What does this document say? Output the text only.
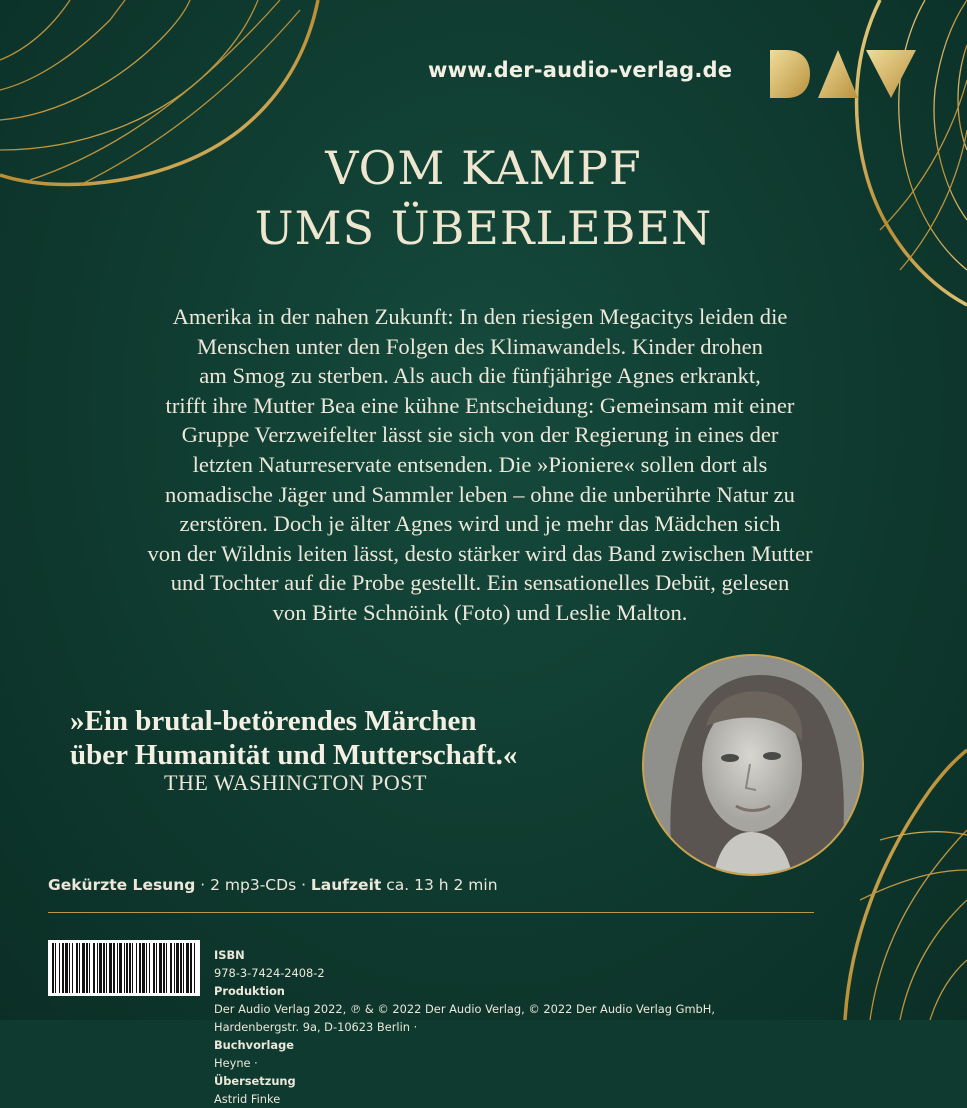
www.der-audio-verlag.de
VOM KAMPF
UMS ÜBERLEBEN
Amerika in der nahen Zukunft: In den riesigen Megacitys leiden die
Menschen unter den Folgen des Klimawandels. Kinder drohen
am Smog zu sterben. Als auch die fünfjährige Agnes erkrankt,
trifft ihre Mutter Bea eine kühne Entscheidung: Gemeinsam mit einer
Gruppe Verzweifelter lässt sie sich von der Regierung in eines der
letzten Naturreservate entsenden. Die »Pioniere« sollen dort als
nomadische Jäger und Sammler leben – ohne die unberührte Natur zu
zerstören. Doch je älter Agnes wird und je mehr das Mädchen sich
von der Wildnis leiten lässt, desto stärker wird das Band zwischen Mutter
und Tochter auf die Probe gestellt. Ein sensationelles Debüt, gelesen
von Birte Schnöink (Foto) und Leslie Malton.
»Ein brutal-betörendes Märchen
über Humanität und Mutterschaft.«
THE WASHINGTON POST
Gekürzte Lesung · 2 mp3-CDs · Laufzeit ca. 13 h 2 min
ISBN
978-3-7424-2408-2
Produktion
Der Audio Verlag 2022, ℗ & © 2022 Der Audio Verlag, © 2022 Der Audio Verlag GmbH,
Hardenbergstr. 9a, D-10623 Berlin ·
Buchvorlage
Heyne ·
Übersetzung
Astrid Finke
